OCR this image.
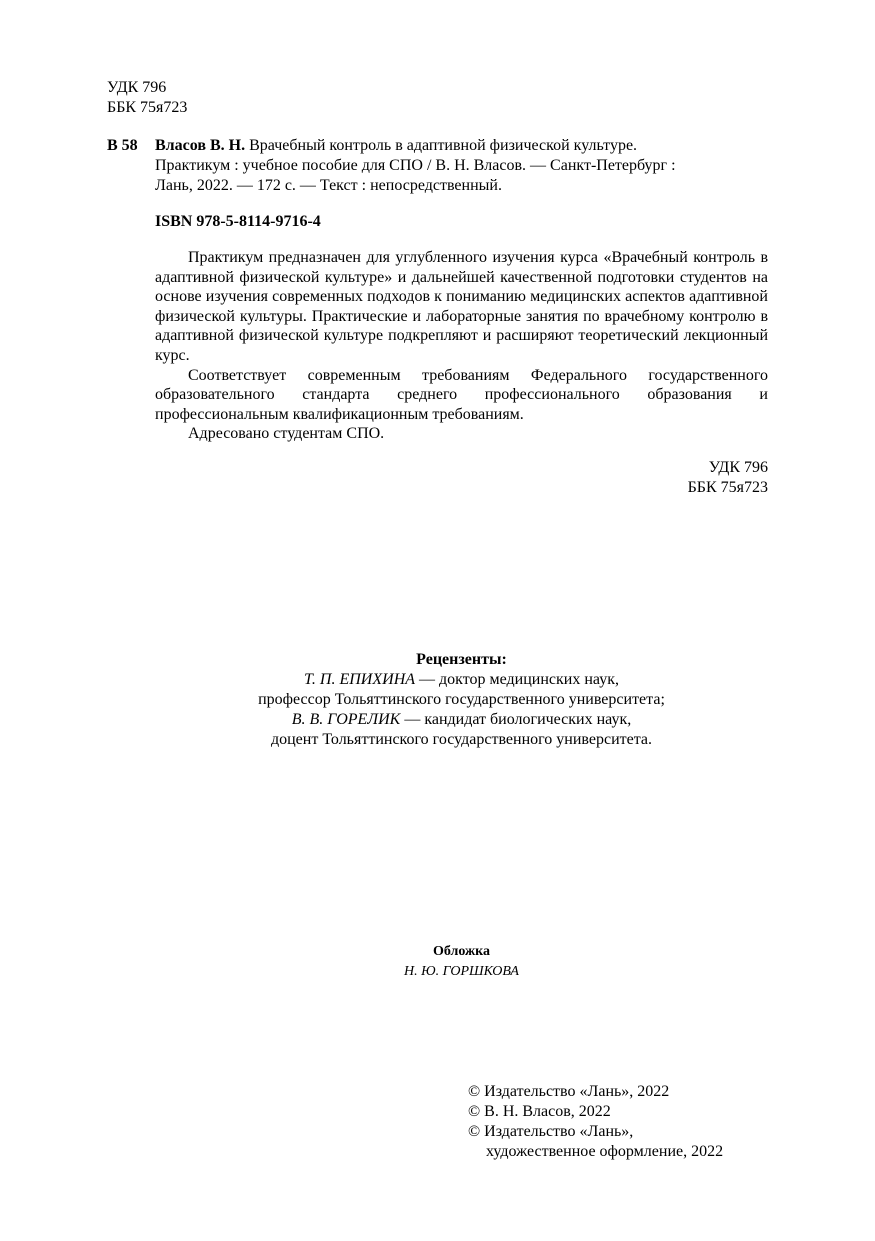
УДК 796
ББК 75я723
В 58 Власов В. Н. Врачебный контроль в адаптивной физической культуре.
Практикум : учебное пособие для СПО / В. Н. Власов. — Санкт-Петербург :
Лань, 2022. — 172 с. — Текст : непосредственный.
ISBN 978-5-8114-9716-4

Практикум предназначен для углубленного изучения курса «Врачебный контроль в адаптивной физической культуре» и дальнейшей качественной подготовки студентов на основе изучения современных подходов к пониманию медицинских аспектов адаптивной физической культуры. Практические и лабораторные занятия по врачебному контролю в адаптивной физической культуре подкрепляют и расширяют теоретический лекционный курс.

Соответствует современным требованиям Федерального государственного образовательного стандарта среднего профессионального образования и профессиональным квалификационным требованиям.

Адресовано студентам СПО.

УДК 796
ББК 75я723
Рецензенты:
Т. П. ЕПИХИНА — доктор медицинских наук,
профессор Тольяттинского государственного университета;
В. В. ГОРЕЛИК — кандидат биологических наук,
доцент Тольяттинского государственного университета.
Обложка
Н. Ю. ГОРШКОВА
© Издательство «Лань», 2022
© В. Н. Власов, 2022
© Издательство «Лань»,
художественное оформление, 2022
